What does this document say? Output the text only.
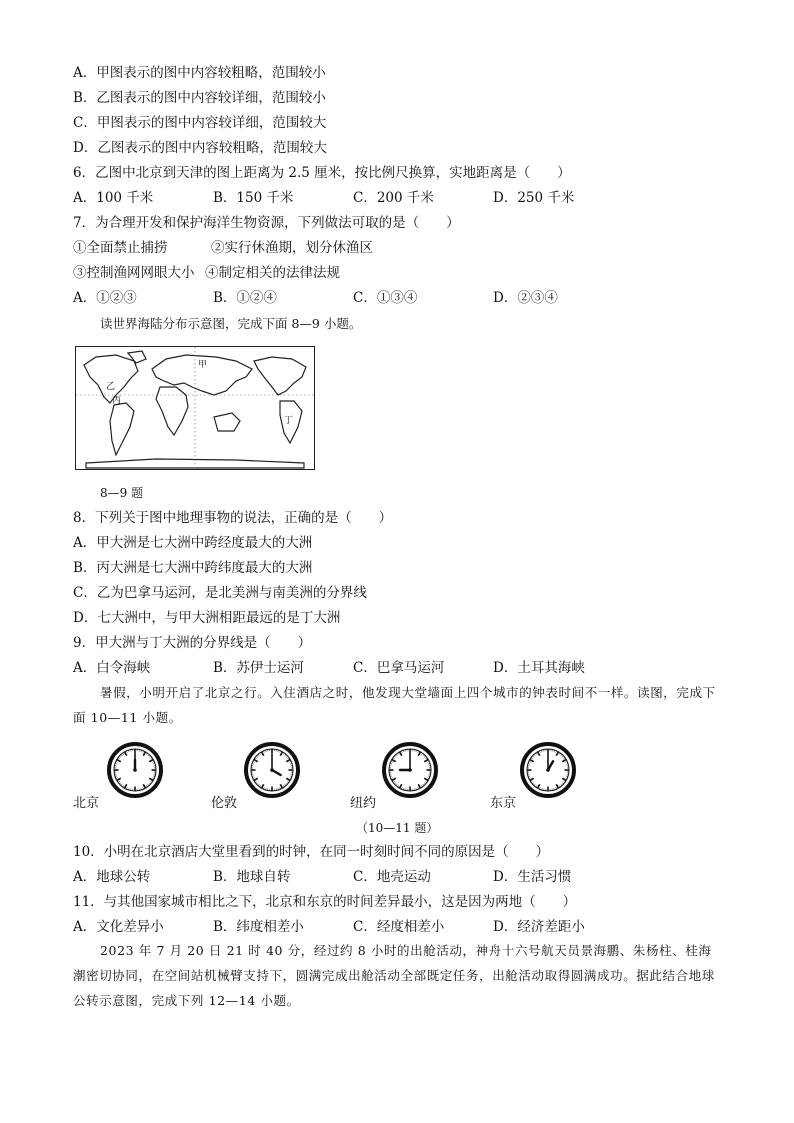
A．甲图表示的图中内容较粗略，范围较小
B．乙图表示的图中内容较详细，范围较小
C．甲图表示的图中内容较详细，范围较大
D．乙图表示的图中内容较粗略，范围较大
6．乙图中北京到天津的图上距离为 2.5 厘米，按比例尺换算，实地距离是（　　）
A．100 千米	B．150 千米	C．200 千米	D．250 千米
7．为合理开发和保护海洋生物资源，下列做法可取的是（　　）
①全面禁止捕捞	②实行休渔期，划分休渔区
③控制渔网网眼大小 ④制定相关的法律法规
A．①②③	B．①②④	C．①③④	D．②③④
读世界海陆分布示意图，完成下面 8—9 小题。
甲
乙
丙
丁
8—9 题
8．下列关于图中地理事物的说法，正确的是（　　）
A．甲大洲是七大洲中跨经度最大的大洲
B．丙大洲是七大洲中跨纬度最大的大洲
C．乙为巴拿马运河，是北美洲与南美洲的分界线
D．七大洲中，与甲大洲相距最远的是丁大洲
9．甲大洲与丁大洲的分界线是（　　）
A．白令海峡	B．苏伊士运河	C．巴拿马运河	D．土耳其海峡
暑假，小明开启了北京之行。入住酒店之时，他发现大堂墙面上四个城市的钟表时间不一样。读图，完成下面 10—11 小题。
北京	伦敦	纽约	东京
（10—11 题）
10．小明在北京酒店大堂里看到的时钟，在同一时刻时间不同的原因是（　　）
A．地球公转	B．地球自转	C．地壳运动	D．生活习惯
11．与其他国家城市相比之下，北京和东京的时间差异最小，这是因为两地（　　）
A．文化差异小	B．纬度相差小	C．经度相差小	D．经济差距小
2023 年 7 月 20 日 21 时 40 分，经过约 8 小时的出舱活动，神舟十六号航天员景海鹏、朱杨柱、桂海潮密切协同，在空间站机械臂支持下，圆满完成出舱活动全部既定任务，出舱活动取得圆满成功。据此结合地球公转示意图，完成下列 12—14 小题。
